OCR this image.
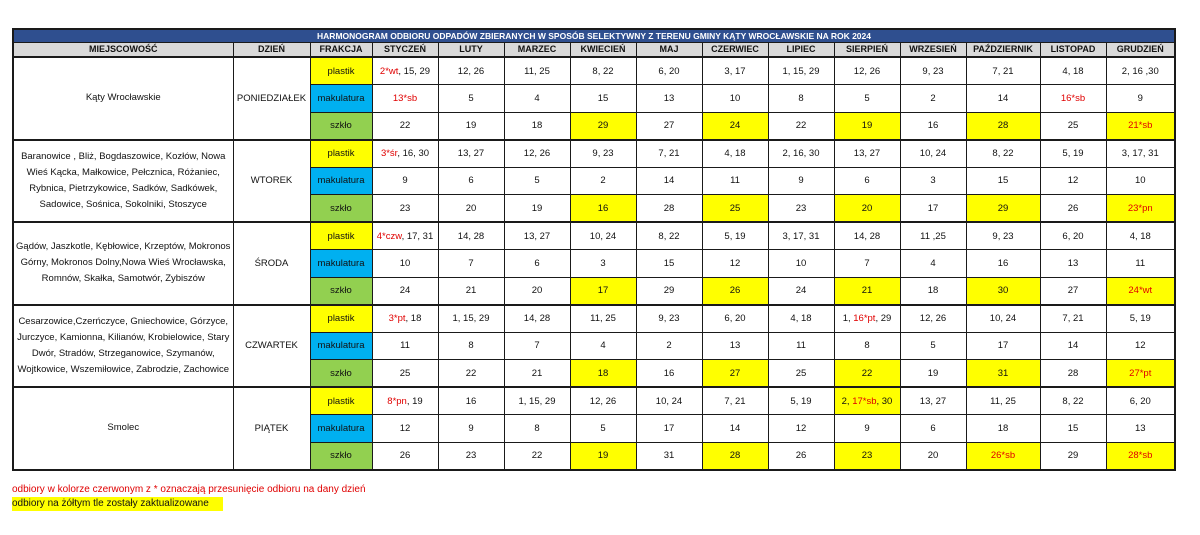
HARMONOGRAM ODBIORU ODPADÓW ZBIERANYCH W SPOSÓB SELEKTYWNY Z TERENU GMINY KĄTY WROCŁAWSKIE NA ROK 2024														
MIEJSCOWOŚĆ	DZIEŃ	FRAKCJA	STYCZEŃ	LUTY	MARZEC	KWIECIEŃ	MAJ	CZERWIEC	LIPIEC	SIERPIEŃ	WRZESIEŃ	PAŹDZIERNIK	LISTOPAD	GRUDZIEŃ
Kąty Wrocławskie	PONIEDZIAŁEK	plastik	2*wt, 15, 29	12, 26	11, 25	8, 22	6, 20	3, 17	1, 15, 29	12, 26	9, 23	7, 21	4, 18	2, 16 ,30
		makulatura	13*sb	5	4	15	13	10	8	5	2	14	16*sb	9
		szkło	22	19	18	29	27	24	22	19	16	28	25	21*sb
Baranowice , Bliż, Bogdaszowice, Kozłów, Nowa Wieś Kącka, Małkowice, Pełcznica, Różaniec, Rybnica, Pietrzykowice, Sadków, Sadkówek, Sadowice, Sośnica, Sokolniki, Stoszyce	WTOREK	plastik	3*śr, 16, 30	13, 27	12, 26	9, 23	7, 21	4, 18	2, 16, 30	13, 27	10, 24	8, 22	5, 19	3, 17, 31
		makulatura	9	6	5	2	14	11	9	6	3	15	12	10
		szkło	23	20	19	16	28	25	23	20	17	29	26	23*pn
Gądów, Jaszkotle, Kębłowice, Krzeptów, Mokronos Górny, Mokronos Dolny,Nowa Wieś Wrocławska, Romnów, Skałka, Samotwór, Zybiszów	ŚRODA	plastik	4*czw, 17, 31	14, 28	13, 27	10, 24	8, 22	5, 19	3, 17, 31	14, 28	11 ,25	9, 23	6, 20	4, 18
		makulatura	10	7	6	3	15	12	10	7	4	16	13	11
		szkło	24	21	20	17	29	26	24	21	18	30	27	24*wt
Cesarzowice,Czerńczyce, Gniechowice, Górzyce, Jurczyce, Kamionna, Kilianów, Krobielowice, Stary Dwór, Stradów, Strzeganowice, Szymanów, Wojtkowice, Wszemiłowice, Zabrodzie, Zachowice	CZWARTEK	plastik	3*pt, 18	1, 15, 29	14, 28	11, 25	9, 23	6, 20	4, 18	1, 16*pt, 29	12, 26	10, 24	7, 21	5, 19
		makulatura	11	8	7	4	2	13	11	8	5	17	14	12
		szkło	25	22	21	18	16	27	25	22	19	31	28	27*pt
Smolec	PIĄTEK	plastik	8*pn, 19	16	1, 15, 29	12, 26	10, 24	7, 21	5, 19	2, 17*sb, 30	13, 27	11, 25	8, 22	6, 20
		makulatura	12	9	8	5	17	14	12	9	6	18	15	13
		szkło	26	23	22	19	31	28	26	23	20	26*sb	29	28*sb
odbiory w kolorze czerwonym z * oznaczają przesunięcie odbioru na dany dzień
odbiory na żółtym tle zostały zaktualizowane
